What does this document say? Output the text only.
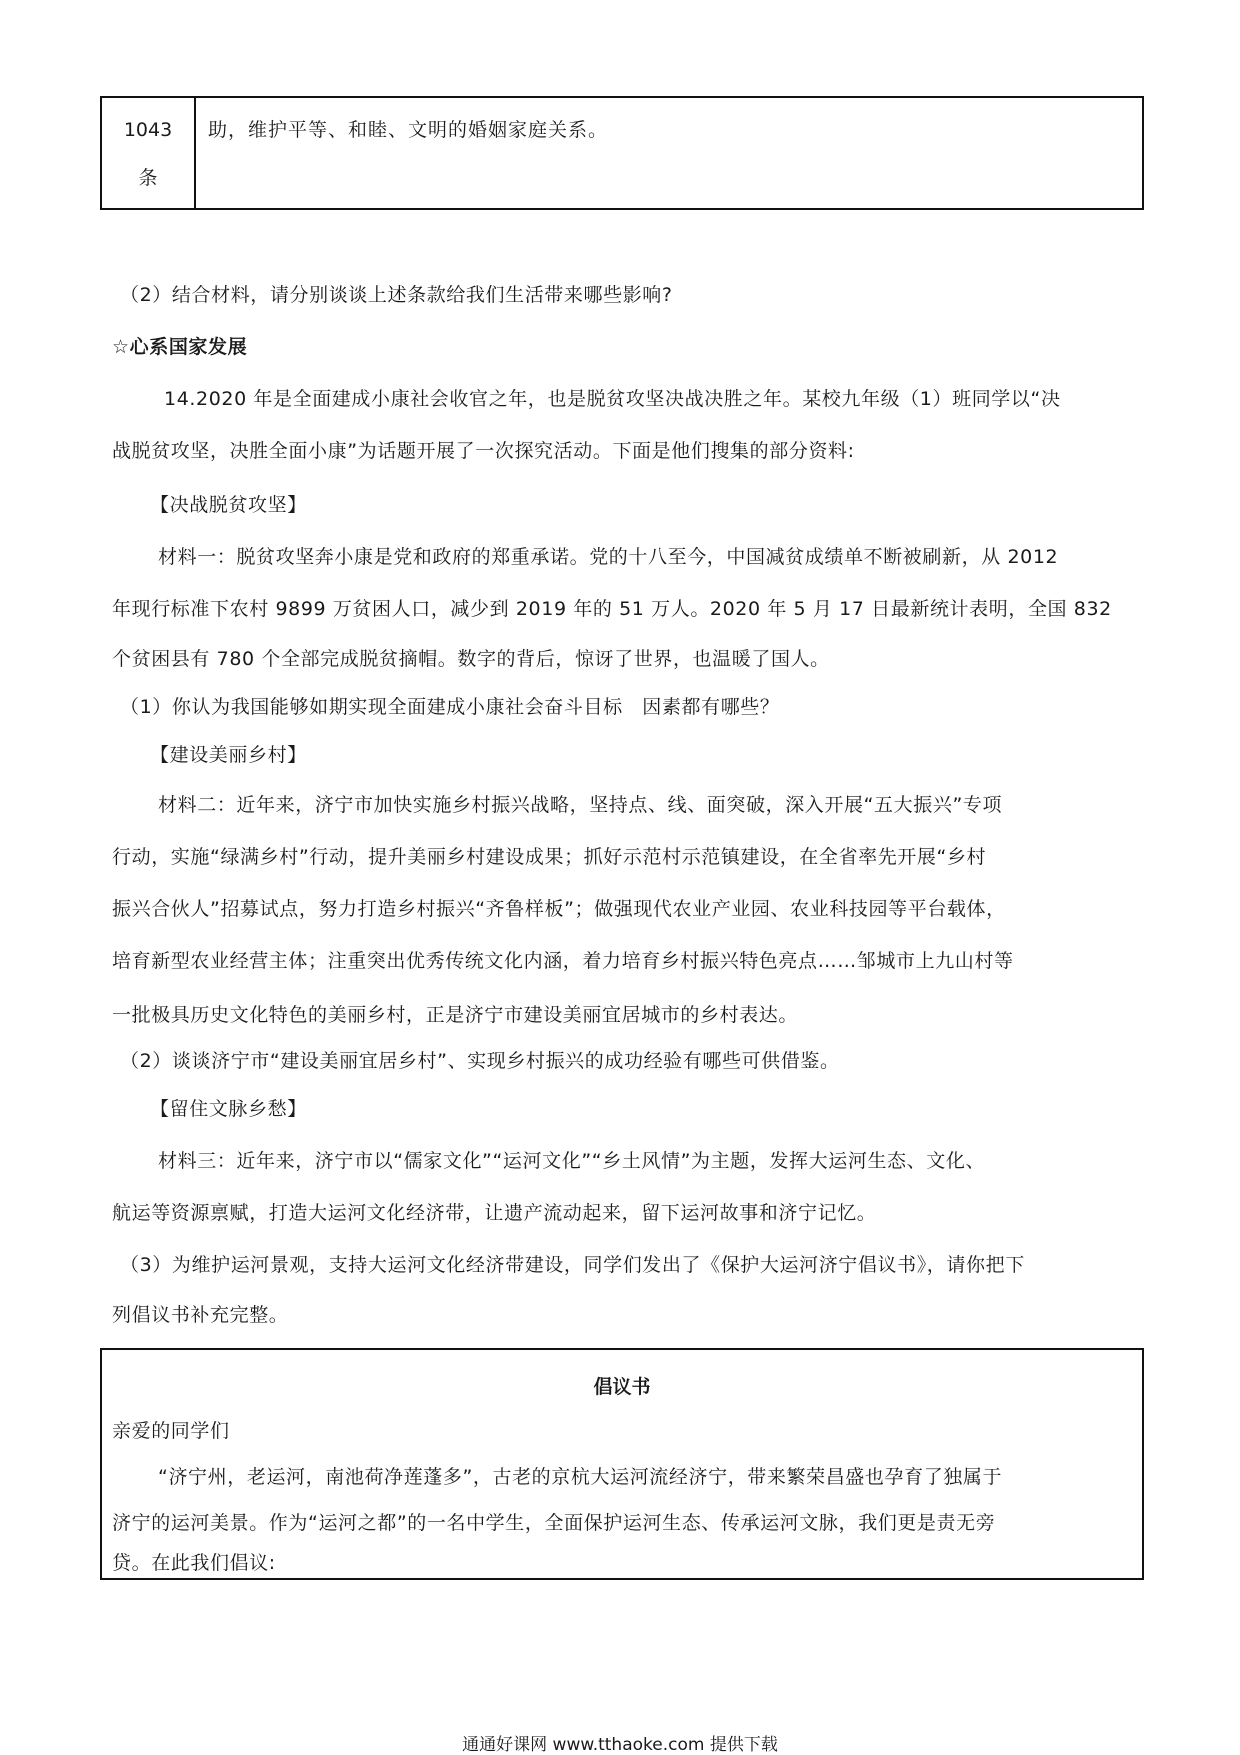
1043
条
助，维护平等、和睦、文明的婚姻家庭关系。
（2）结合材料，请分别谈谈上述条款给我们生活带来哪些影响?
☆心系国家发展
14.2020 年是全面建成小康社会收官之年，也是脱贫攻坚决战决胜之年。某校九年级（1）班同学以“决
战脱贫攻坚，决胜全面小康”为话题开展了一次探究活动。下面是他们搜集的部分资料:
【决战脱贫攻坚】
材料一：脱贫攻坚奔小康是党和政府的郑重承诺。党的十八至今，中国减贫成绩单不断被刷新，从 2012
年现行标准下农村 9899 万贫困人口，减少到 2019 年的 51 万人。2020 年 5 月 17 日最新统计表明，全国 832
个贫困县有 780 个全部完成脱贫摘帽。数字的背后，惊讶了世界，也温暖了国人。
（1）你认为我国能够如期实现全面建成小康社会奋斗目标　因素都有哪些？
【建设美丽乡村】
材料二：近年来，济宁市加快实施乡村振兴战略，坚持点、线、面突破，深入开展“五大振兴”专项
行动，实施“绿满乡村”行动，提升美丽乡村建设成果；抓好示范村示范镇建设，在全省率先开展“乡村
振兴合伙人”招募试点，努力打造乡村振兴“齐鲁样板”；做强现代农业产业园、农业科技园等平台载体，
培育新型农业经营主体；注重突出优秀传统文化内涵，着力培育乡村振兴特色亮点……邹城市上九山村等
一批极具历史文化特色的美丽乡村，正是济宁市建设美丽宜居城市的乡村表达。
（2）谈谈济宁市“建设美丽宜居乡村”、实现乡村振兴的成功经验有哪些可供借鉴。
【留住文脉乡愁】
材料三：近年来，济宁市以“儒家文化”“运河文化”“乡土风情”为主题，发挥大运河生态、文化、
航运等资源禀赋，打造大运河文化经济带，让遗产流动起来，留下运河故事和济宁记忆。
倡议书
亲爱的同学们
“济宁州，老运河，南池荷净莲蓬多”，古老的京杭大运河流经济宁，带来繁荣昌盛也孕育了独属于
济宁的运河美景。作为“运河之都”的一名中学生，全面保护运河生态、传承运河文脉，我们更是责无旁
贷。在此我们倡议:
（3）为维护运河景观，支持大运河文化经济带建设，同学们发出了《保护大运河济宁倡议书》，请你把下
通通好课网 www.tthaoke.com 提供下载
列倡议书补充完整。
